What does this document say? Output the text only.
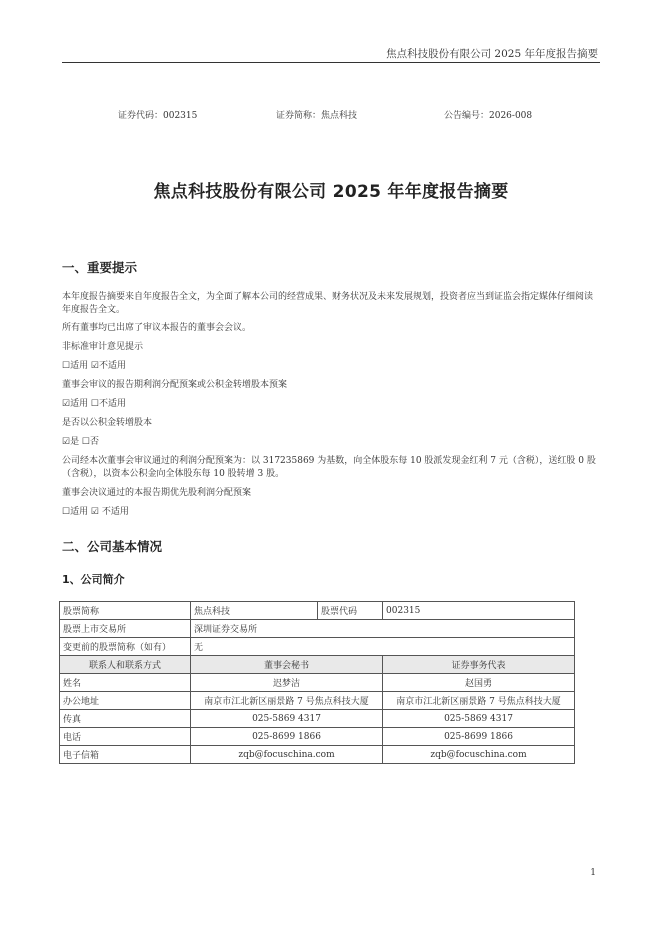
焦点科技股份有限公司 2025 年年度报告摘要
证券代码：002315	证券简称：焦点科技	公告编号：2026-008
焦点科技股份有限公司 2025 年年度报告摘要
一、重要提示
本年度报告摘要来自年度报告全文，为全面了解本公司的经营成果、财务状况及未来发展规划，投资者应当到证监会指定媒体仔细阅读年度报告全文。
所有董事均已出席了审议本报告的董事会会议。
非标准审计意见提示
☐适用 ☑不适用
董事会审议的报告期利润分配预案或公积金转增股本预案
☑适用 ☐不适用
是否以公积金转增股本
☑是 ☐否
公司经本次董事会审议通过的利润分配预案为：以 317235869 为基数，向全体股东每 10 股派发现金红利 7 元（含税），送红股 0 股（含税），以资本公积金向全体股东每 10 股转增 3 股。
董事会决议通过的本报告期优先股利润分配预案
☐适用 ☑ 不适用
二、公司基本情况
1、公司简介
股票简称	焦点科技	股票代码	002315
股票上市交易所	深圳证券交易所		
变更前的股票简称（如有）	无		
联系人和联系方式	董事会秘书		证券事务代表
姓名	迟梦洁		赵国勇
办公地址	南京市江北新区丽景路 7 号焦点科技大厦		南京市江北新区丽景路 7 号焦点科技大厦
传真	025-5869 4317		025-5869 4317
电话	025-8699 1866		025-8699 1866
电子信箱	zqb@focuschina.com		zqb@focuschina.com
1
